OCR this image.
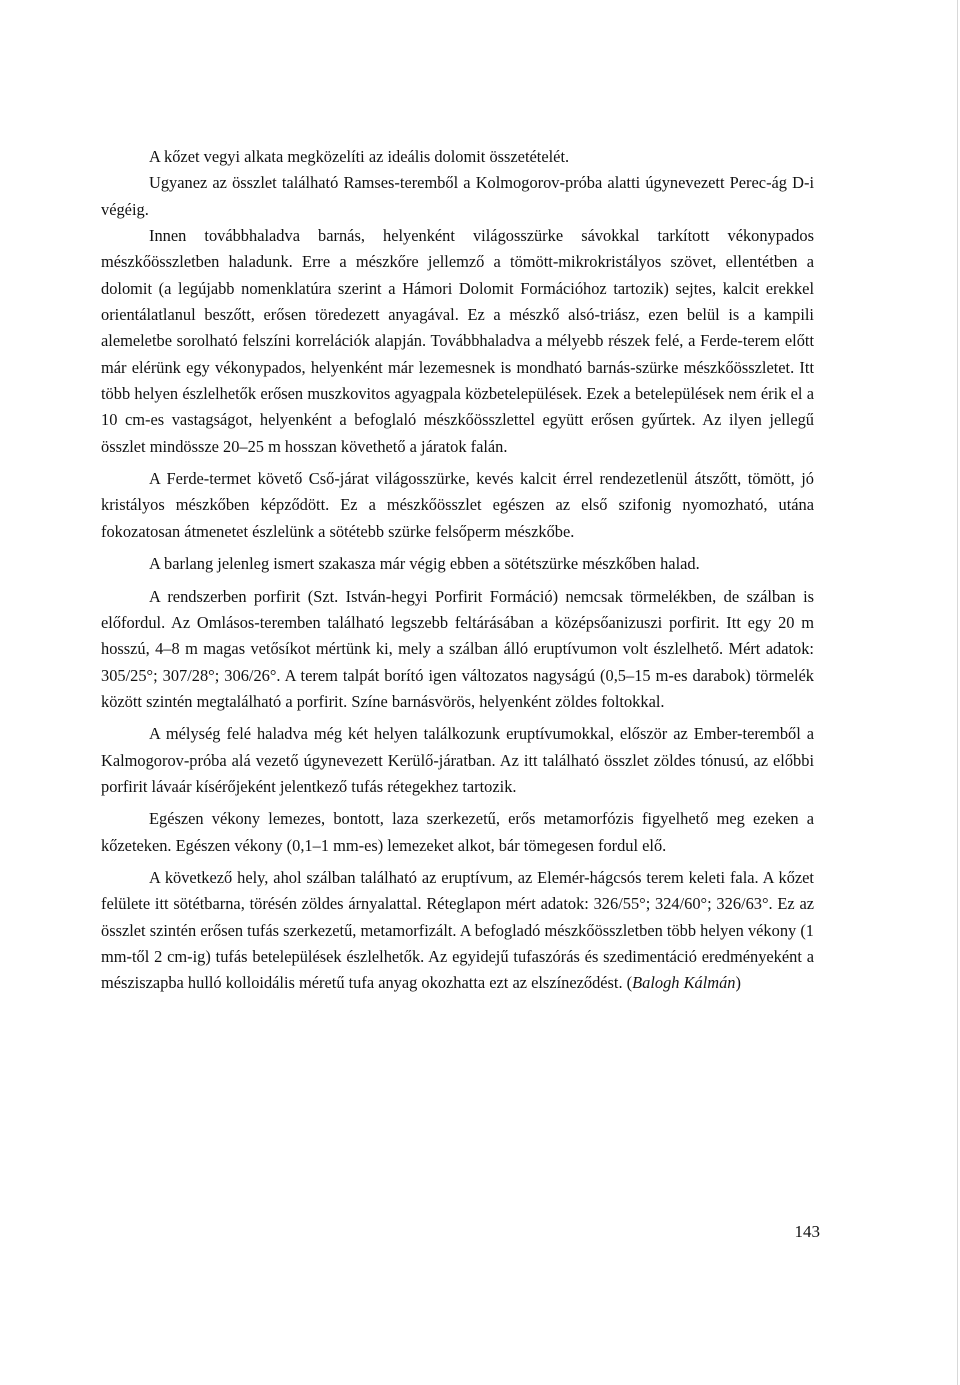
A kőzet vegyi alkata megközelíti az ideális dolomit összetételét.

Ugyanez az összlet található Ramses-teremből a Kolmogorov-próba alatti úgynevezett Perec-ág D-i végéig.

Innen továbbhaladva barnás, helyenként világosszürke sávokkal tarkított vékonypados mészkőösszletben haladunk. Erre a mészkőre jellemző a tömött-mikrokristályos szövet, ellentétben a dolomit (a legújabb nomenklatúra szerint a Hámori Dolomit Formációhoz tartozik) sejtes, kalcit erekkel orientálatlanul beszőtt, erősen töredezett anyagával. Ez a mészkő alsó-triász, ezen belül is a kampili alemeletbe sorolható felszíni korrelációk alapján. Továbbhaladva a mélyebb részek felé, a Ferde-terem előtt már elérünk egy vékonypados, helyenként már lezemesnek is mondható barnás-szürke mészkőösszletet. Itt több helyen észlelhetők erősen muszkovitos agyagpala közbetelepülések. Ezek a betelepülések nem érik el a 10 cm-es vastagságot, helyenként a befoglaló mészkőösszlettel együtt erősen gyűrtek. Az ilyen jellegű összlet mindössze 20–25 m hosszan követhető a járatok falán.

A Ferde-termet követő Cső-járat világosszürke, kevés kalcit érrel rendezetlenül átszőtt, tömött, jó kristályos mészkőben képződött. Ez a mészkőösszlet egészen az első szifonig nyomozható, utána fokozatosan átmenetet észlelünk a sötétebb szürke felsőperm mészkőbe.

A barlang jelenleg ismert szakasza már végig ebben a sötétszürke mészkőben halad.

A rendszerben porfirit (Szt. István-hegyi Porfirit Formáció) nemcsak törmelékben, de szálban is előfordul. Az Omlásos-teremben található legszebb feltárásában a középsőanizuszi porfirit. Itt egy 20 m hosszú, 4–8 m magas vetősíkot mértünk ki, mely a szálban álló eruptívumon volt észlelhető. Mért adatok: 305/25°; 307/28°; 306/26°. A terem talpát borító igen változatos nagyságú (0,5–15 m-es darabok) törmelék között szintén megtalálható a porfirit. Színe barnásvörös, helyenként zöldes foltokkal.

A mélység felé haladva még két helyen találkozunk eruptívumokkal, először az Ember-teremből a Kalmogorov-próba alá vezető úgynevezett Kerülő-járatban. Az itt található összlet zöldes tónusú, az előbbi porfirit lávaár kísérőjeként jelentkező tufás rétegekhez tartozik.

Egészen vékony lemezes, bontott, laza szerkezetű, erős metamorfózis figyelhető meg ezeken a kőzeteken. Egészen vékony (0,1–1 mm-es) lemezeket alkot, bár tömegesen fordul elő.

A következő hely, ahol szálban található az eruptívum, az Elemér-hágcsós terem keleti fala. A kőzet felülete itt sötétbarna, törésén zöldes árnyalattal. Réteglapon mért adatok: 326/55°; 324/60°; 326/63°. Ez az összlet szintén erősen tufás szerkezetű, metamorfizált. A befogladó mészkőösszletben több helyen vékony (1 mm-től 2 cm-ig) tufás betelepülések észlelhetők. Az egyidejű tufaszórás és szedimentáció eredményeként a mésziszapba hulló kolloidális méretű tufa anyag okozhatta ezt az elszíneződést. (Balogh Kálmán)

143
